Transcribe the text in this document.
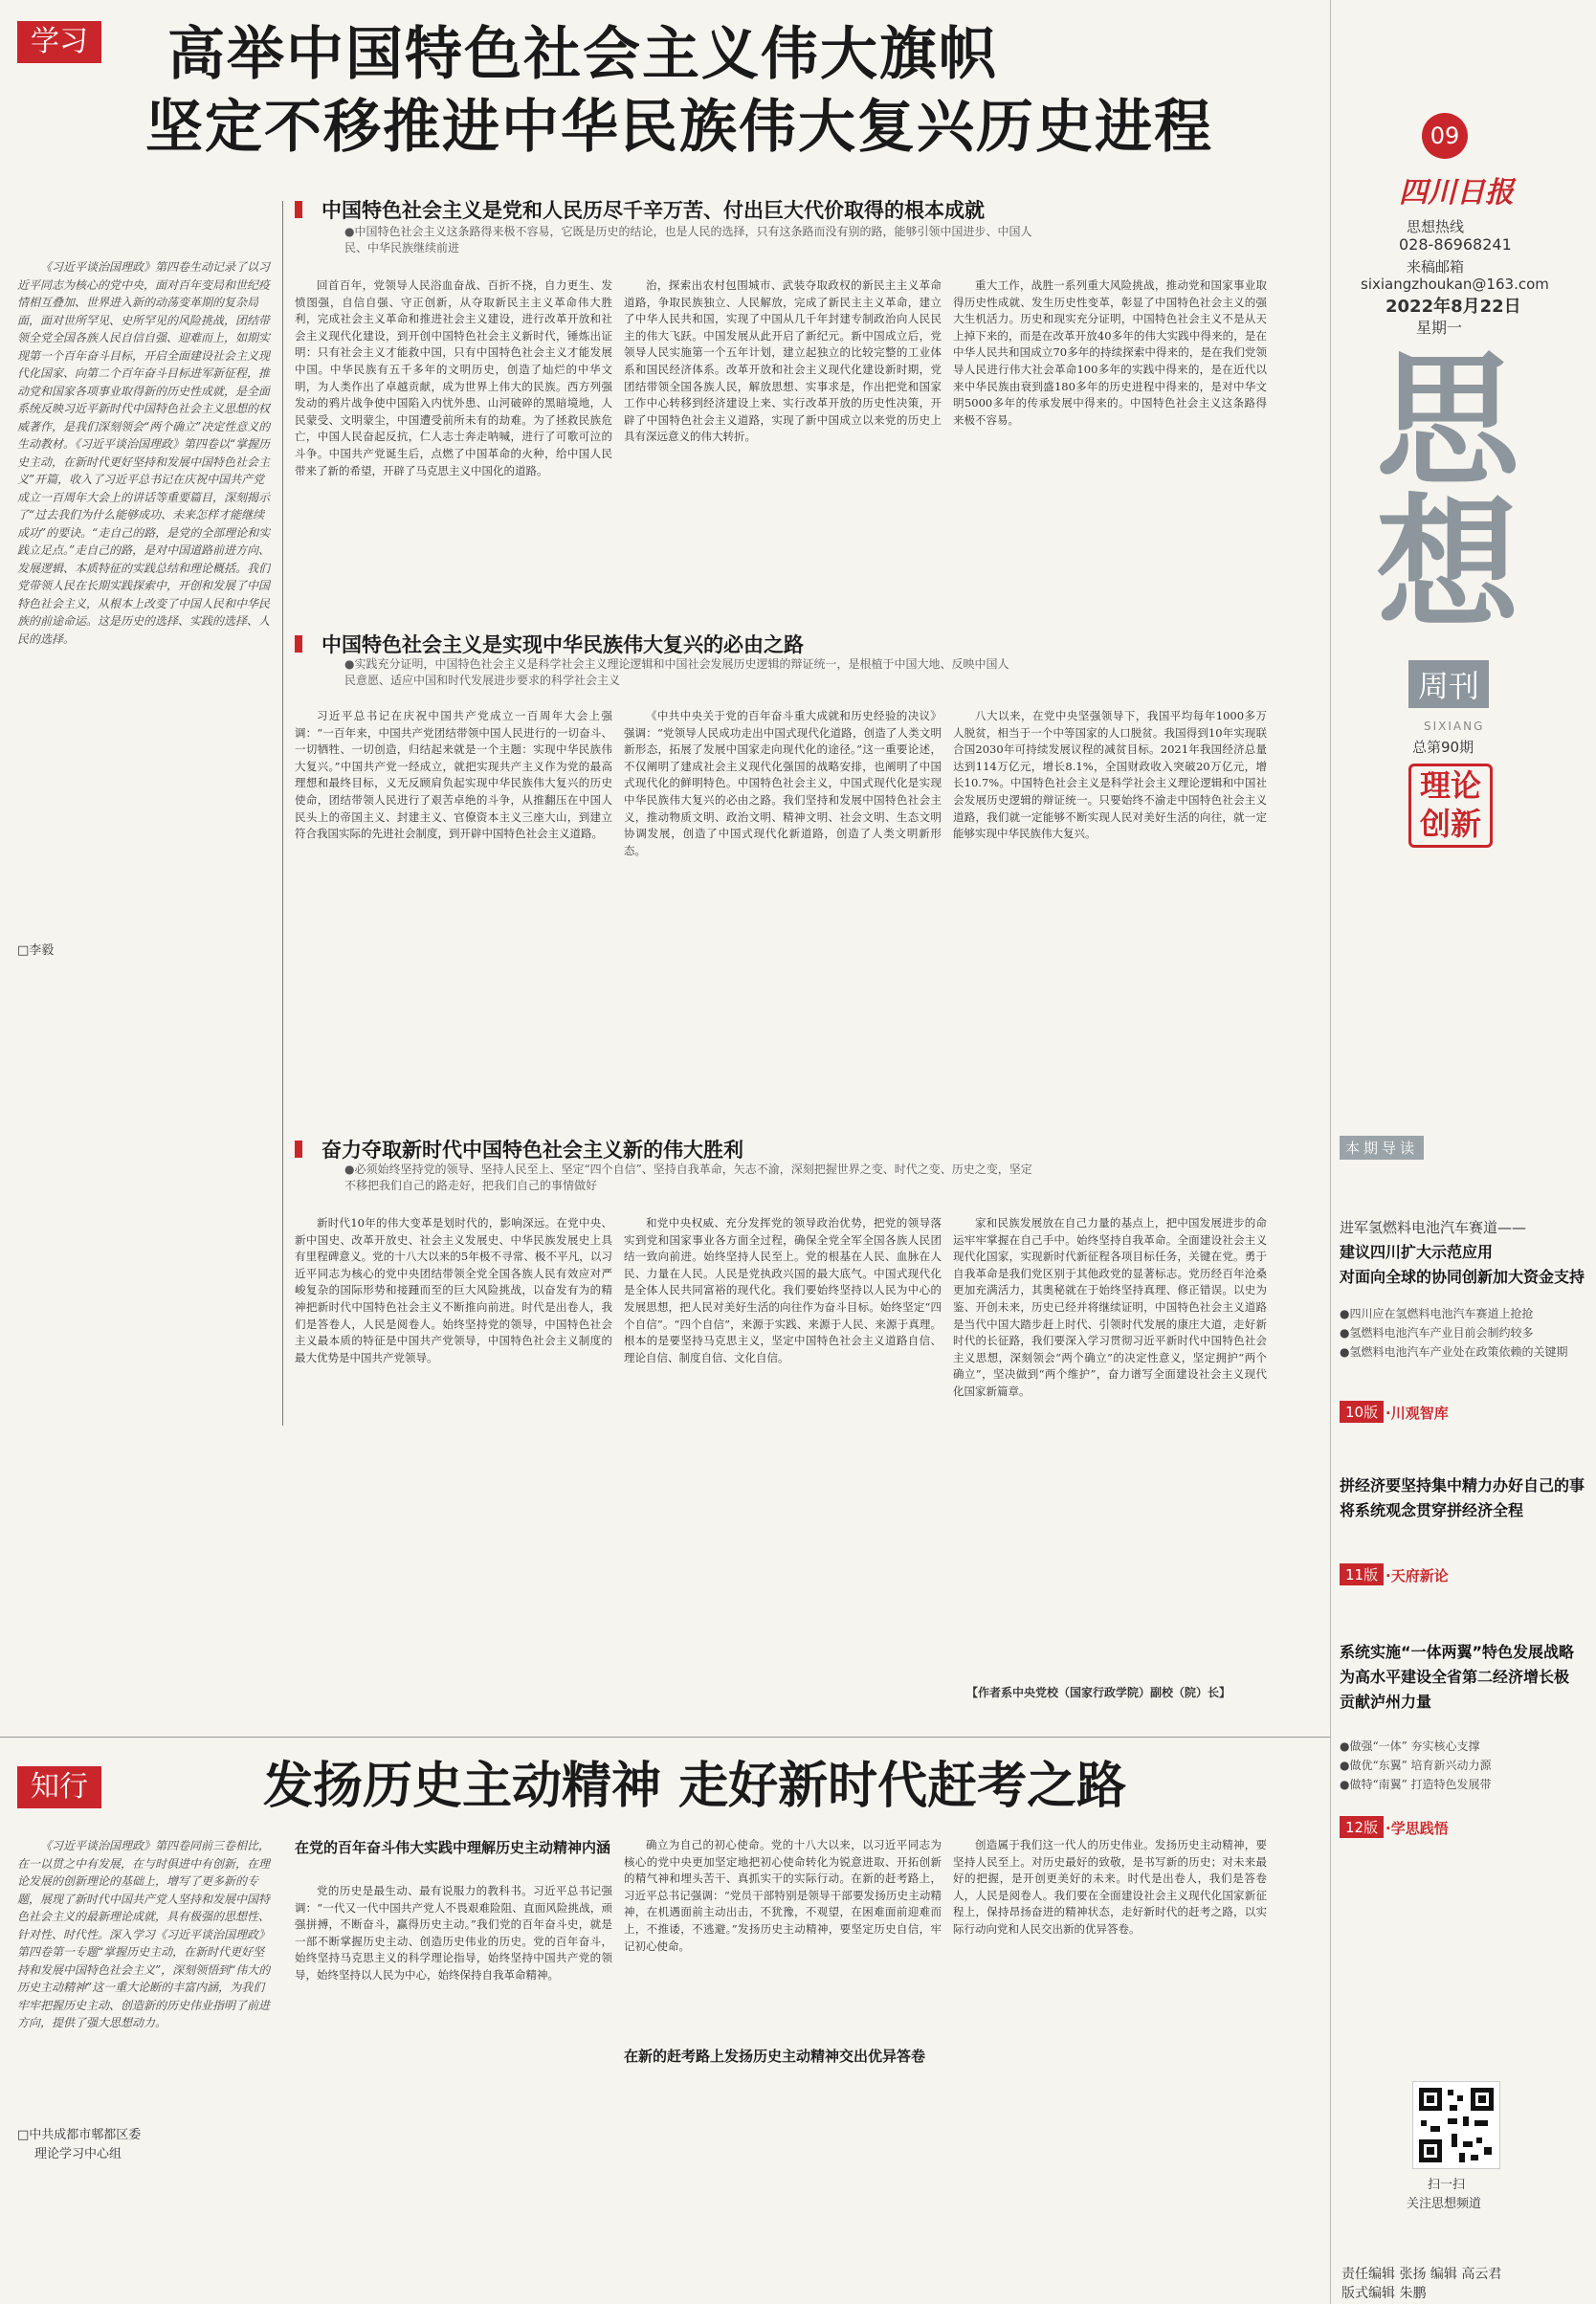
学习 高举中国特色社会主义伟大旗帜
坚定不移推进中华民族伟大复兴历史进程
《习近平谈治国理政》第四卷生动记录了以习近平同志为核心的党中央，面对百年变局和世纪疫情相互叠加、世界进入新的动荡变革期的复杂局面，面对世所罕见、史所罕见的风险挑战，团结带领全党全国各族人民自信自强、迎难而上，如期实现第一个百年奋斗目标，开启全面建设社会主义现代化国家、向第二个百年奋斗目标进军新征程，推动党和国家各项事业取得新的历史性成就，是全面系统反映习近平新时代中国特色社会主义思想的权威著作，是我们深刻领会“两个确立”决定性意义的生动教材。《习近平谈治国理政》第四卷以“掌握历史主动，在新时代更好坚持和发展中国特色社会主义”开篇，收入了习近平总书记在庆祝中国共产党成立一百周年大会上的讲话等重要篇目，深刻揭示了“过去我们为什么能够成功、未来怎样才能继续成功”的要诀。“走自己的路，是党的全部理论和实践立足点。”走自己的路，是对中国道路前进方向、发展逻辑、本质特征的实践总结和理论概括。我们党带领人民在长期实践探索中，开创和发展了中国特色社会主义，从根本上改变了中国人民和中华民族的前途命运。这是历史的选择、实践的选择、人民的选择。
□李毅
中国特色社会主义是党和人民历尽千辛万苦、付出巨大代价取得的根本成就
●中国特色社会主义这条路得来极不容易，它既是历史的结论，也是人民的选择，只有这条路而没有别的路，能够引领中国进步、中国人民、中华民族继续前进
回首百年，党领导人民浴血奋战、百折不挠，自力更生、发愤图强，自信自强、守正创新，从夺取新民主主义革命伟大胜利，完成社会主义革命和推进社会主义建设，进行改革开放和社会主义现代化建设，到开创中国特色社会主义新时代，锤炼出证明：只有社会主义才能救中国，只有中国特色社会主义才能发展中国。中华民族有五千多年的文明历史，创造了灿烂的中华文明，为人类作出了卓越贡献，成为世界上伟大的民族。西方列强发动的鸦片战争使中国陷入内忧外患、山河破碎的黑暗境地，人民蒙受、文明蒙尘，中国遭受前所未有的劫难。为了拯救民族危亡，中国人民奋起反抗，仁人志士奔走呐喊，进行了可歌可泣的斗争。中国共产党诞生后，点燃了中国革命的火种，给中国人民带来了新的希望，开辟了马克思主义中国化的道路。
治，探索出农村包围城市、武装夺取政权的新民主主义革命道路，争取民族独立、人民解放，完成了新民主主义革命，建立了中华人民共和国，实现了中国从几千年封建专制政治向人民民主的伟大飞跃。中国发展从此开启了新纪元。新中国成立后，党领导人民实施第一个五年计划，建立起独立的比较完整的工业体系和国民经济体系。改革开放和社会主义现代化建设新时期，党团结带领全国各族人民，解放思想、实事求是，作出把党和国家工作中心转移到经济建设上来、实行改革开放的历史性决策，开辟了中国特色社会主义道路，实现了新中国成立以来党的历史上具有深远意义的伟大转折。
重大工作，战胜一系列重大风险挑战，推动党和国家事业取得历史性成就、发生历史性变革，彰显了中国特色社会主义的强大生机活力。历史和现实充分证明，中国特色社会主义不是从天上掉下来的，而是在改革开放40多年的伟大实践中得来的，是在中华人民共和国成立70多年的持续探索中得来的，是在我们党领导人民进行伟大社会革命100多年的实践中得来的，是在近代以来中华民族由衰到盛180多年的历史进程中得来的，是对中华文明5000多年的传承发展中得来的。中国特色社会主义这条路得来极不容易。
中国特色社会主义是实现中华民族伟大复兴的必由之路
●实践充分证明，中国特色社会主义是科学社会主义理论逻辑和中国社会发展历史逻辑的辩证统一，是根植于中国大地、反映中国人民意愿、适应中国和时代发展进步要求的科学社会主义
习近平总书记在庆祝中国共产党成立一百周年大会上强调：“一百年来，中国共产党团结带领中国人民进行的一切奋斗、一切牺牲、一切创造，归结起来就是一个主题：实现中华民族伟大复兴。”中国共产党一经成立，就把实现共产主义作为党的最高理想和最终目标，义无反顾肩负起实现中华民族伟大复兴的历史使命，团结带领人民进行了艰苦卓绝的斗争，从推翻压在中国人民头上的帝国主义、封建主义、官僚资本主义三座大山，到建立符合我国实际的先进社会制度，到开辟中国特色社会主义道路。
《中共中央关于党的百年奋斗重大成就和历史经验的决议》强调：“党领导人民成功走出中国式现代化道路，创造了人类文明新形态，拓展了发展中国家走向现代化的途径。”这一重要论述，不仅阐明了建成社会主义现代化强国的战略安排，也阐明了中国式现代化的鲜明特色。中国特色社会主义，中国式现代化是实现中华民族伟大复兴的必由之路。我们坚持和发展中国特色社会主义，推动物质文明、政治文明、精神文明、社会文明、生态文明协调发展，创造了中国式现代化新道路，创造了人类文明新形态。
八大以来，在党中央坚强领导下，我国平均每年1000多万人脱贫，相当于一个中等国家的人口脱贫。我国得到10年实现联合国2030年可持续发展议程的减贫目标。2021年我国经济总量达到114万亿元，增长8.1%，全国财政收入突破20万亿元，增长10.7%。中国特色社会主义是科学社会主义理论逻辑和中国社会发展历史逻辑的辩证统一。只要始终不渝走中国特色社会主义道路，我们就一定能够不断实现人民对美好生活的向往，就一定能够实现中华民族伟大复兴。
奋力夺取新时代中国特色社会主义新的伟大胜利
●必须始终坚持党的领导、坚持人民至上、坚定“四个自信”、坚持自我革命，矢志不渝，深刻把握世界之变、时代之变、历史之变，坚定不移把我们自己的路走好，把我们自己的事情做好
新时代10年的伟大变革是划时代的，影响深远。在党中央、新中国史、改革开放史、社会主义发展史、中华民族发展史上具有里程碑意义。党的十八大以来的5年极不寻常、极不平凡，以习近平同志为核心的党中央团结带领全党全国各族人民有效应对严峻复杂的国际形势和接踵而至的巨大风险挑战，以奋发有为的精神把新时代中国特色社会主义不断推向前进。时代是出卷人，我们是答卷人，人民是阅卷人。始终坚持党的领导，中国特色社会主义最本质的特征是中国共产党领导，中国特色社会主义制度的最大优势是中国共产党领导。
和党中央权威、充分发挥党的领导政治优势，把党的领导落实到党和国家事业各方面全过程，确保全党全军全国各族人民团结一致向前进。始终坚持人民至上。党的根基在人民、血脉在人民、力量在人民。人民是党执政兴国的最大底气。中国式现代化是全体人民共同富裕的现代化。我们要始终坚持以人民为中心的发展思想，把人民对美好生活的向往作为奋斗目标。始终坚定“四个自信”。“四个自信”，来源于实践、来源于人民、来源于真理。根本的是要坚持马克思主义，坚定中国特色社会主义道路自信、理论自信、制度自信、文化自信。
家和民族发展放在自己力量的基点上，把中国发展进步的命运牢牢掌握在自己手中。始终坚持自我革命。全面建设社会主义现代化国家，实现新时代新征程各项目标任务，关键在党。勇于自我革命是我们党区别于其他政党的显著标志。党历经百年沧桑更加充满活力，其奥秘就在于始终坚持真理、修正错误。以史为鉴、开创未来，历史已经并将继续证明，中国特色社会主义道路是当代中国大踏步赶上时代、引领时代发展的康庄大道，走好新时代的长征路，我们要深入学习贯彻习近平新时代中国特色社会主义思想，深刻领会“两个确立”的决定性意义，坚定拥护“两个确立”，坚决做到“两个维护”，奋力谱写全面建设社会主义现代化国家新篇章。
【作者系中央党校（国家行政学院）副校（院）长】
09
四川日报
思想热线
028-86968241
来稿邮箱
sixiangzhoukan@163.com
2022年8月22日
星期一
思想
周刊
SIXIANG
总第90期
理论创新
本期导读
进军氢燃料电池汽车赛道——
建议四川扩大示范应用
对面向全球的协同创新加大资金支持
●四川应在氢燃料电池汽车赛道上抢抢
●氢燃料电池汽车产业目前会制约较多
●氢燃料电池汽车产业处在政策依赖的关键期
10版 ·川观智库
拼经济要坚持集中精力办好自己的事
将系统观念贯穿拼经济全程
11版 ·天府新论
系统实施“一体两翼”特色发展战略
为高水平建设全省第二经济增长极
贡献泸州力量
●做强“一体” 夯实核心支撑
●做优“东翼” 培育新兴动力源
●做特“南翼” 打造特色发展带
12版 ·学思践悟
扫一扫
关注思想频道
责任编辑 张扬 编辑 高云君
版式编辑 朱鹏
知行	发扬历史主动精神 走好新时代赶考之路
《习近平谈治国理政》第四卷同前三卷相比，在一以贯之中有发展，在与时俱进中有创新，在理论发展的创新理论的基础上，增写了更多新的专题，展现了新时代中国共产党人坚持和发展中国特色社会主义的最新理论成就，具有极强的思想性、针对性、时代性。深入学习《习近平谈治国理政》第四卷第一专题“掌握历史主动，在新时代更好坚持和发展中国特色社会主义”，深刻领悟到“伟大的历史主动精神”这一重大论断的丰富内涵，为我们牢牢把握历史主动、创造新的历史伟业指明了前进方向，提供了强大思想动力。
□中共成都市郫都区委
理论学习中心组
在党的百年奋斗伟大实践中理解历史主动精神内涵
党的历史是最生动、最有说服力的教科书。习近平总书记强调：“一代又一代中国共产党人不畏艰难险阻、直面风险挑战，顽强拼搏，不断奋斗，赢得历史主动。”我们党的百年奋斗史，就是一部不断掌握历史主动、创造历史伟业的历史。党的百年奋斗，始终坚持马克思主义的科学理论指导，始终坚持中国共产党的领导，始终坚持以人民为中心，始终保持自我革命精神。
确立为自己的初心使命。党的十八大以来，以习近平同志为核心的党中央更加坚定地把初心使命转化为锐意进取、开拓创新的精气神和埋头苦干、真抓实干的实际行动。在新的赶考路上，习近平总书记强调：“党员干部特别是领导干部要发扬历史主动精神，在机遇面前主动出击，不犹豫，不观望，在困难面前迎难而上，不推诿，不逃避。”发扬历史主动精神，要坚定历史自信，牢记初心使命。
在新的赶考路上发扬历史主动精神交出优异答卷
创造属于我们这一代人的历史伟业。发扬历史主动精神，要坚持人民至上。对历史最好的致敬，是书写新的历史；对未来最好的把握，是开创更美好的未来。时代是出卷人，我们是答卷人，人民是阅卷人。我们要在全面建设社会主义现代化国家新征程上，保持昂扬奋进的精神状态，走好新时代的赶考之路，以实际行动向党和人民交出新的优异答卷。
